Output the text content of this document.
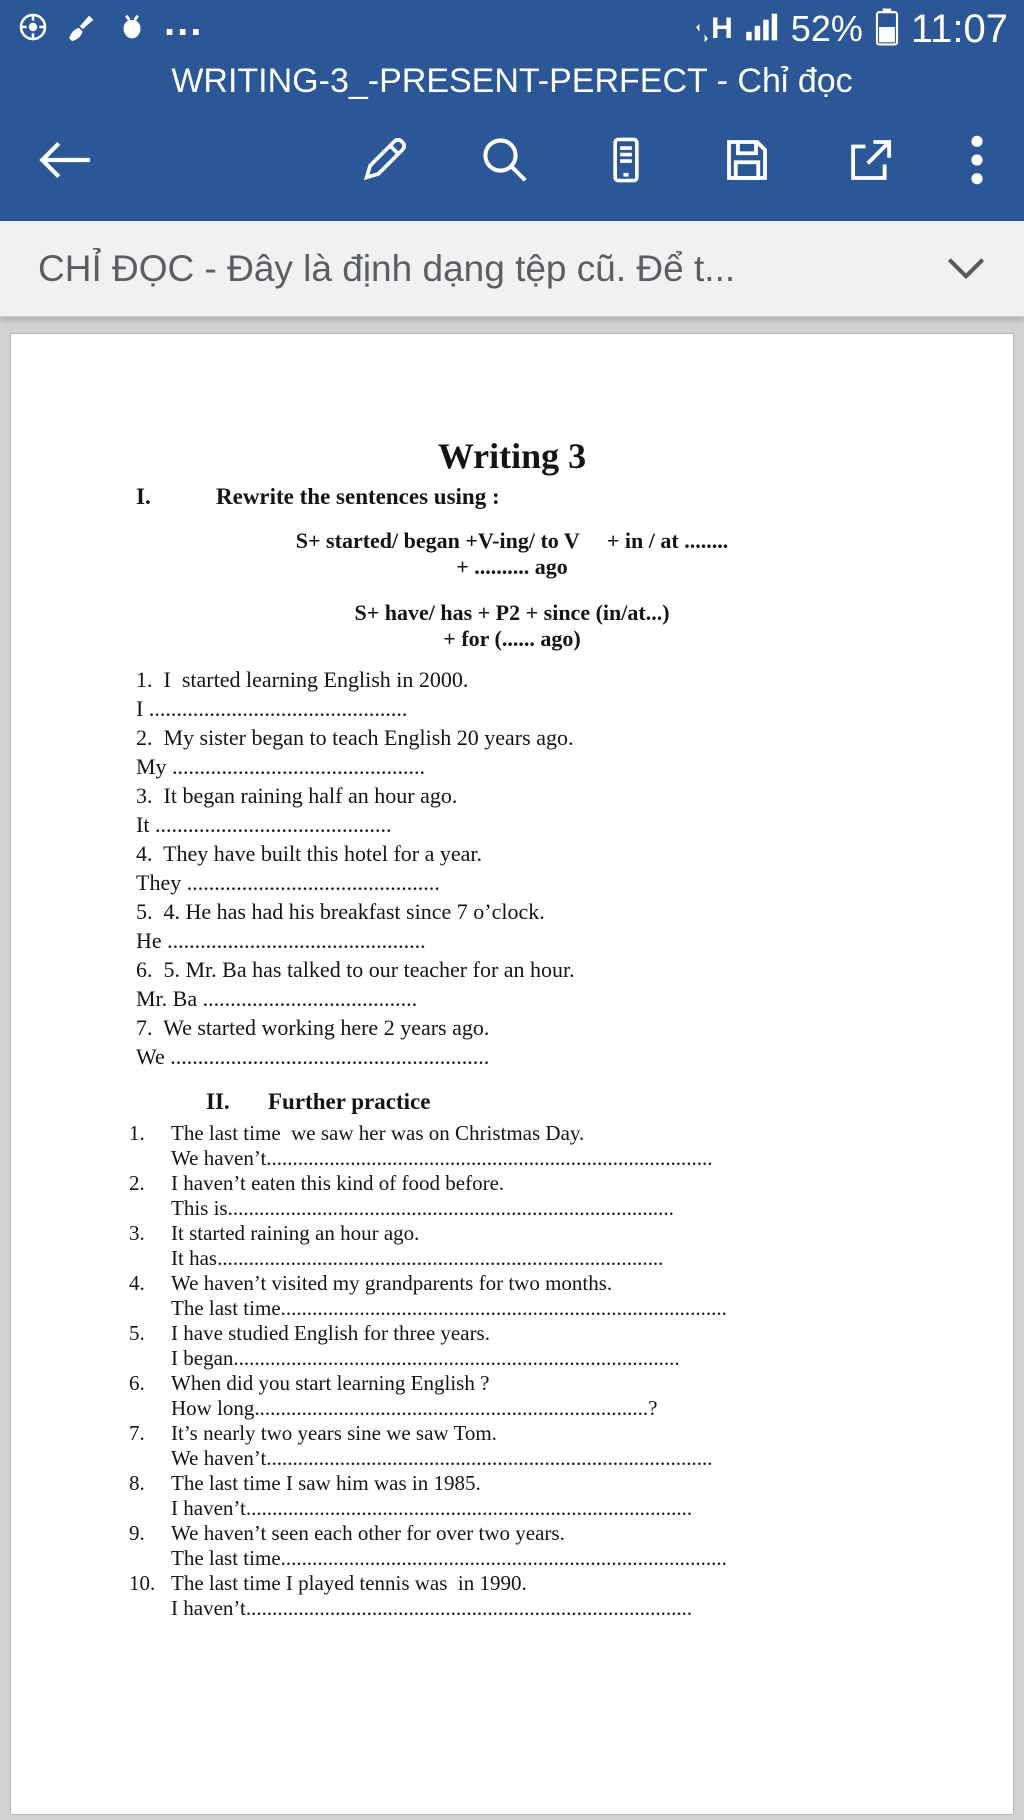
...	H 52% 11:07
WRITING-3_-PRESENT-PERFECT - Chỉ đọc
CHỈ ĐỌC - Đây là định dạng tệp cũ. Để t...
Writing 3
I.	Rewrite the sentences using :
S+ started/ began +V-ing/ to V     + in / at ........
+ .......... ago
S+ have/ has + P2 + since (in/at...)
+ for (...... ago)
1.  I  started learning English in 2000.
I ...............................................
2.  My sister began to teach English 20 years ago.
My ..............................................
3.  It began raining half an hour ago.
It ...........................................
4.  They have built this hotel for a year.
They ..............................................
5.  4. He has had his breakfast since 7 o’clock.
He ...............................................
6.  5. Mr. Ba has talked to our teacher for an hour.
Mr. Ba .......................................
7.  We started working here 2 years ago.
We ..........................................................
II.	Further practice
1.	The last time  we saw her was on Christmas Day.
We haven’t.....................................................................................
2.	I haven’t eaten this kind of food before.
This is.....................................................................................
3.	It started raining an hour ago.
It has.....................................................................................
4.	We haven’t visited my grandparents for two months.
The last time.....................................................................................
5.	I have studied English for three years.
I began.....................................................................................
6.	When did you start learning English ?
How long...........................................................................?
7.	It’s nearly two years sine we saw Tom.
We haven’t.....................................................................................
8.	The last time I saw him was in 1985.
I haven’t.....................................................................................
9.	We haven’t seen each other for over two years.
The last time.....................................................................................
10. The last time I played tennis was  in 1990.
I haven’t.....................................................................................
